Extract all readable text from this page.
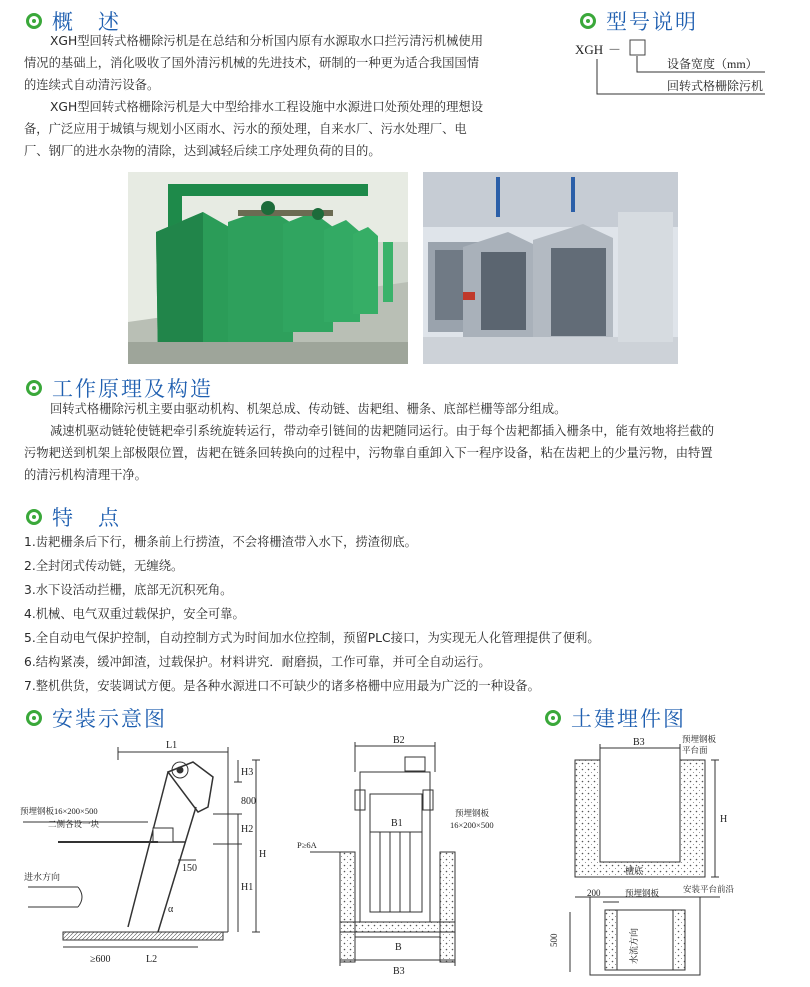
概　述
XGH型回转式格栅除污机是在总结和分析国内原有水源取水口拦污清污机械使用
情况的基础上，消化吸收了国外清污机械的先进技术，研制的一种更为适合我国国情
的连续式自动清污设备。
XGH型回转式格栅除污机是大中型给排水工程设施中水源进口处预处理的理想设
备，广泛应用于城镇与规划小区雨水、污水的预处理，自来水厂、污水处理厂、电
厂、钢厂的进水杂物的清除，达到减轻后续工序处理负荷的目的。
型号说明
XGH －
设备宽度（mm）
回转式格栅除污机
工作原理及构造
回转式格栅除污机主要由驱动机构、机架总成、传动链、齿耙组、栅条、底部栏栅等部分组成。
减速机驱动链轮使链耙牵引系统旋转运行，带动牵引链间的齿耙随同运行。由于每个齿耙都插入栅条中，能有效地将拦截的
污物耙送到机架上部极限位置，齿耙在链条回转换向的过程中，污物靠自重卸入下一程序设备，粘在齿耙上的少量污物，由特置
的清污机构清理干净。
特　点
1.齿耙栅条后下行，栅条前上行捞渣，不会将栅渣带入水下，捞渣彻底。
2.全封闭式传动链，无缠绕。
3.水下设活动拦栅，底部无沉积死角。
4.机械、电气双重过载保护，安全可靠。
5.全自动电气保护控制，自动控制方式为时间加水位控制，预留PLC接口，为实现无人化管理提供了便利。
6.结构紧凑，缓冲卸渣，过载保护。材料讲究．耐磨损，工作可靠，并可全自动运行。
7.整机供货，安装调试方便。是各种水源进口不可缺少的诸多格栅中应用最为广泛的一种设备。
安装示意图
L1
H3
800
H2
H
H1
150
α
≥600	L2
预埋钢板16×200×500
二侧各设一块
进水方向
B2
B1
B
B3
P≥6A
预埋钢板
16×200×500
土建埋件图
B3
H
预埋钢板
平台面
槽底
200	预埋钢板	安装平台前沿
500	水流方向
